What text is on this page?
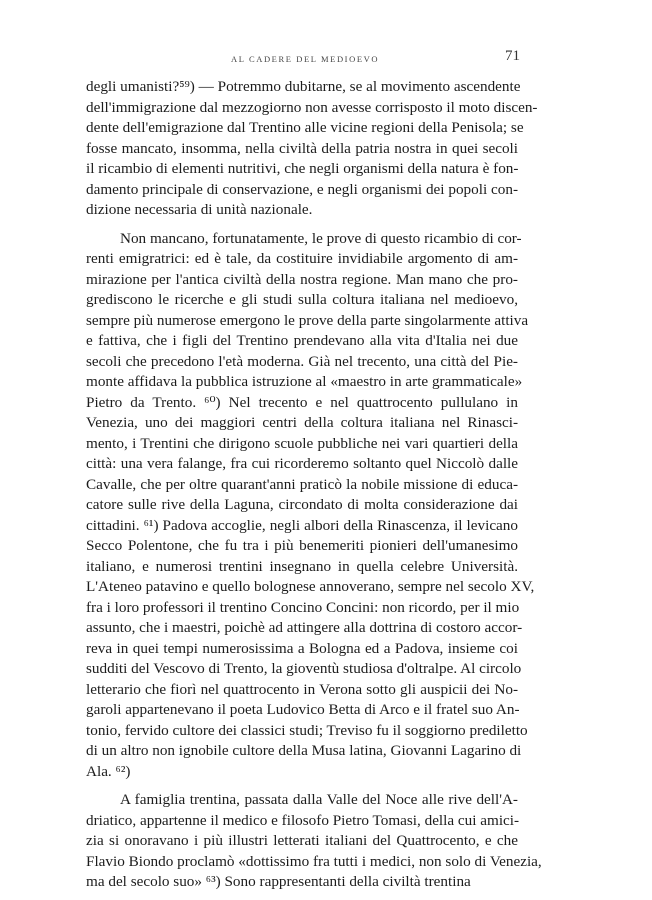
AL CADERE DEL MEDIOEVO	71
degli umanisti?⁵⁹) — Potremmo dubitarne, se al movimento ascendente
dell'immigrazione dal mezzogiorno non avesse corrisposto il moto discen-
dente dell'emigrazione dal Trentino alle vicine regioni della Penisola; se
fosse mancato, insomma, nella civiltà della patria nostra in quei secoli
il ricambio di elementi nutritivi, che negli organismi della natura è fon-
damento principale di conservazione, e negli organismi dei popoli con-
dizione necessaria di unità nazionale.
Non mancano, fortunatamente, le prove di questo ricambio di cor-
renti emigratrici: ed è tale, da costituire invidiabile argomento di am-
mirazione per l'antica civiltà della nostra regione. Man mano che pro-
grediscono le ricerche e gli studi sulla coltura italiana nel medioevo,
sempre più numerose emergono le prove della parte singolarmente attiva
e fattiva, che i figli del Trentino prendevano alla vita d'Italia nei due
secoli che precedono l'età moderna. Già nel trecento, una città del Pie-
monte affidava la pubblica istruzione al «maestro in arte grammaticale»
Pietro da Trento. ⁶⁰) Nel trecento e nel quattrocento pullulano in
Venezia, uno dei maggiori centri della coltura italiana nel Rinasci-
mento, i Trentini che dirigono scuole pubbliche nei vari quartieri della
città: una vera falange, fra cui ricorderemo soltanto quel Niccolò dalle
Cavalle, che per oltre quarant'anni praticò la nobile missione di educa-
catore sulle rive della Laguna, circondato di molta considerazione dai
cittadini. ⁶¹) Padova accoglie, negli albori della Rinascenza, il levicano
Secco Polentone, che fu tra i più benemeriti pionieri dell'umanesimo
italiano, e numerosi trentini insegnano in quella celebre Università.
L'Ateneo patavino e quello bolognese annoverano, sempre nel secolo XV,
fra i loro professori il trentino Concino Concini: non ricordo, per il mio
assunto, che i maestri, poichè ad attingere alla dottrina di costoro accor-
reva in quei tempi numerosissima a Bologna ed a Padova, insieme coi
sudditi del Vescovo di Trento, la gioventù studiosa d'oltralpe. Al circolo
letterario che fiorì nel quattrocento in Verona sotto gli auspicii dei No-
garoli appartenevano il poeta Ludovico Betta di Arco e il fratel suo An-
tonio, fervido cultore dei classici studi; Treviso fu il soggiorno prediletto
di un altro non ignobile cultore della Musa latina, Giovanni Lagarino di
Ala. ⁶²)
A famiglia trentina, passata dalla Valle del Noce alle rive dell'A-
driatico, appartenne il medico e filosofo Pietro Tomasi, della cui amici-
zia si onoravano i più illustri letterati italiani del Quattrocento, e che
Flavio Biondo proclamò «dottissimo fra tutti i medici, non solo di Venezia,
ma del secolo suo» ⁶³) Sono rappresentanti della civiltà trentina
